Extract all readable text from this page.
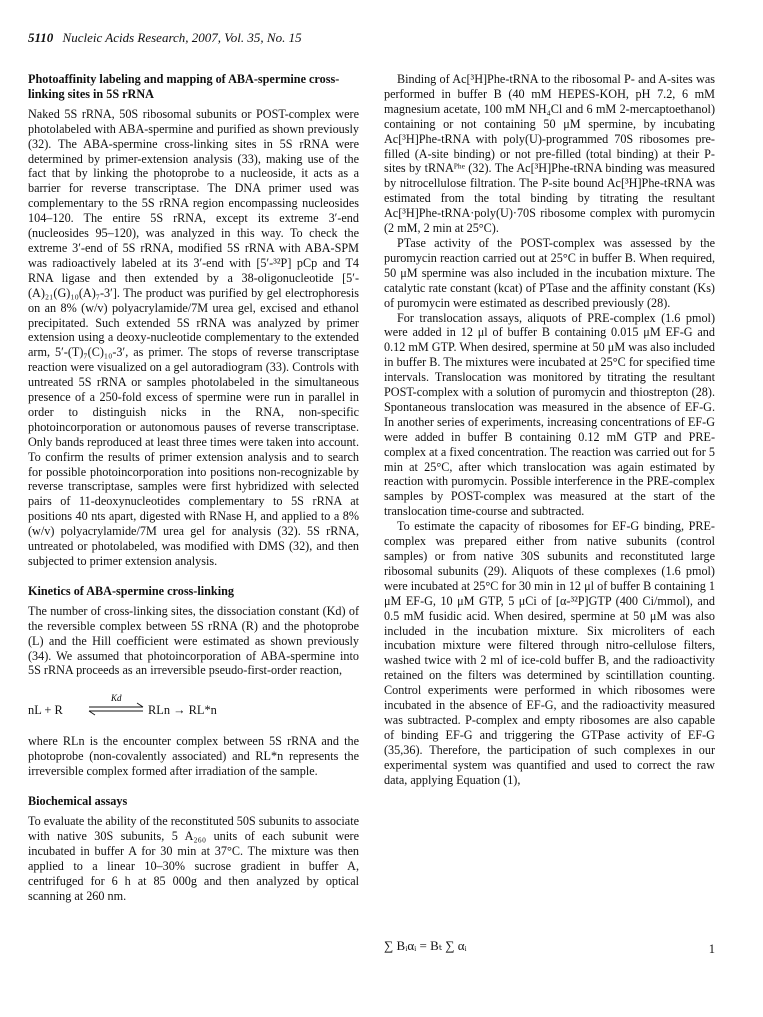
5110 Nucleic Acids Research, 2007, Vol. 35, No. 15
Photoaffinity labeling and mapping of ABA-spermine cross-linking sites in 5S rRNA

Naked 5S rRNA, 50S ribosomal subunits or POST-complex were photolabeled with ABA-spermine and purified as shown previously (32). The ABA-spermine cross-linking sites in 5S rRNA were determined by primer-extension analysis (33), making use of the fact that by linking the photoprobe to a nucleoside, it acts as a barrier for reverse transcriptase. The DNA primer used was complementary to the 5S rRNA region encompassing nucleosides 104–120. The entire 5S rRNA, except its extreme 3′-end (nucleosides 95–120), was analyzed in this way. To check the extreme 3′-end of 5S rRNA, modified 5S rRNA with ABA-SPM was radioactively labeled at its 3′-end with [5′-³²P] pCp and T4 RNA ligase and then extended by a 38-oligonucleotide [5′-(A)₂₁(G)₁₀(A)₇-3′]. The product was purified by gel electrophoresis on an 8% (w/v) polyacrylamide/7M urea gel, excised and ethanol precipitated. Such extended 5S rRNA was analyzed by primer extension using a deoxy-nucleotide complementary to the extended arm, 5′-(T)₇(C)₁₀-3′, as primer. The stops of reverse transcriptase reaction were visualized on a gel autoradiogram (33). Controls with untreated 5S rRNA or samples photolabeled in the simultaneous presence of a 250-fold excess of spermine were run in parallel in order to distinguish nicks in the RNA, non-specific photoincorporation or autonomous pauses of reverse transcriptase. Only bands reproduced at least three times were taken into account. To confirm the results of primer extension analysis and to search for possible photoincorporation into positions non-recognizable by reverse transcriptase, samples were first hybridized with selected pairs of 11-deoxynucleotides complementary to 5S rRNA at positions 40 nts apart, digested with RNase H, and applied to a 8% (w/v) polyacrylamide/7M urea gel for analysis (32). 5S rRNA, untreated or photolabeled, was modified with DMS (32), and then subjected to primer extension analysis.

Kinetics of ABA-spermine cross-linking

The number of cross-linking sites, the dissociation constant (Kd) of the reversible complex between 5S rRNA (R) and the photoprobe (L) and the Hill coefficient were estimated as shown previously (34). We assumed that photoincorporation of ABA-spermine into 5S rRNA proceeds as an irreversible pseudo-first-order reaction,

nL + R
Kd
RLn → RL*n

where RLn is the encounter complex between 5S rRNA and the photoprobe (non-covalently associated) and RL*n represents the irreversible complex formed after irradiation of the sample.

Biochemical assays

To evaluate the ability of the reconstituted 50S subunits to associate with native 30S subunits, 5 A₂₆₀ units of each subunit were incubated in buffer A for 30 min at 37°C. The mixture was then applied to a linear 10–30% sucrose gradient in buffer A, centrifuged for 6 h at 85 000g and then analyzed by optical scanning at 260 nm.

Binding of Ac[³H]Phe-tRNA to the ribosomal P- and A-sites was performed in buffer B (40 mM HEPES-KOH, pH 7.2, 6 mM magnesium acetate, 100 mM NH₄Cl and 6 mM 2-mercaptoethanol) containing or not containing 50 μM spermine, by incubating Ac[³H]Phe-tRNA with poly(U)-programmed 70S ribosomes pre-filled (A-site binding) or not pre-filled (total binding) at their P-sites by tRNAᴾʰᵉ (32). The Ac[³H]Phe-tRNA binding was measured by nitrocellulose filtration. The P-site bound Ac[³H]Phe-tRNA was estimated from the total binding by titrating the resultant Ac[³H]Phe-tRNA·poly(U)·70S ribosome complex with puromycin (2 mM, 2 min at 25°C).

PTase activity of the POST-complex was assessed by the puromycin reaction carried out at 25°C in buffer B. When required, 50 μM spermine was also included in the incubation mixture. The catalytic rate constant (kcat) of PTase and the affinity constant (Ks) of puromycin were estimated as described previously (28).

For translocation assays, aliquots of PRE-complex (1.6 pmol) were added in 12 μl of buffer B containing 0.015 μM EF-G and 0.12 mM GTP. When desired, spermine at 50 μM was also included in buffer B. The mixtures were incubated at 25°C for specified time intervals. Translocation was monitored by titrating the resultant POST-complex with a solution of puromycin and thiostrepton (28). Spontaneous translocation was measured in the absence of EF-G. In another series of experiments, increasing concentrations of EF-G were added in buffer B containing 0.12 mM GTP and PRE-complex at a fixed concentration. The reaction was carried out for 5 min at 25°C, after which translocation was again estimated by reaction with puromycin. Possible interference in the PRE-complex samples by POST-complex was measured at the start of the translocation time-course and subtracted.

To estimate the capacity of ribosomes for EF-G binding, PRE-complex was prepared either from native subunits (control samples) or from native 30S subunits and reconstituted large ribosomal subunits (29). Aliquots of these complexes (1.6 pmol) were incubated at 25°C for 30 min in 12 μl of buffer B containing 1 μM EF-G, 10 μM GTP, 5 μCi of [α-³²P]GTP (400 Ci/mmol), and 0.5 mM fusidic acid. When desired, spermine at 50 μM was also included in the incubation mixture. Six microliters of each incubation mixture were filtered through nitro-cellulose filters, washed twice with 2 ml of ice-cold buffer B, and the radioactivity retained on the filters was determined by scintillation counting. Control experiments were performed in which ribosomes were incubated in the absence of EF-G, and the radioactivity measured was subtracted. P-complex and empty ribosomes are also capable of binding EF-G and triggering the GTPase activity of EF-G (35,36). Therefore, the participation of such complexes in our experimental system was quantified and used to correct the raw data, applying Equation (1),

∑ Bᵢαᵢ = Bₜ ∑ αᵢ	1
